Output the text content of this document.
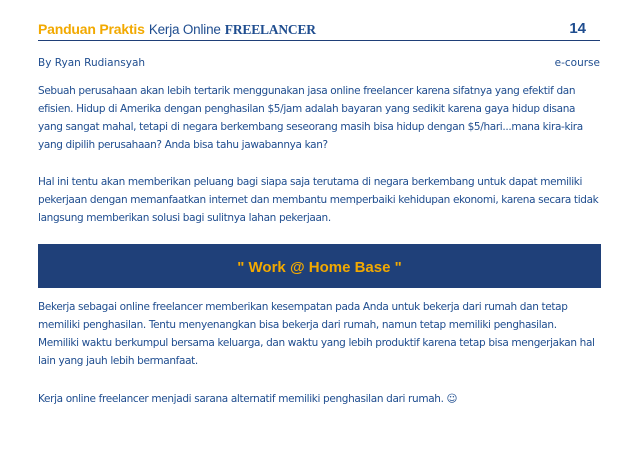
Panduan Praktis Kerja Online FREELANCER	14
By Ryan Rudiansyah	e-course

Sebuah perusahaan akan lebih tertarik menggunakan jasa online freelancer karena sifatnya yang efektif dan efisien. Hidup di Amerika dengan penghasilan $5/jam adalah bayaran yang sedikit karena gaya hidup disana yang sangat mahal, tetapi di negara berkembang seseorang masih bisa hidup dengan $5/hari...mana kira-kira yang dipilih perusahaan? Anda bisa tahu jawabannya kan?

Hal ini tentu akan memberikan peluang bagi siapa saja terutama di negara berkembang untuk dapat memiliki pekerjaan dengan memanfaatkan internet dan membantu memperbaiki kehidupan ekonomi, karena secara tidak langsung memberikan solusi bagi sulitnya lahan pekerjaan.

" Work @ Home Base "

Bekerja sebagai online freelancer memberikan kesempatan pada Anda untuk bekerja dari rumah dan tetap memiliki penghasilan. Tentu menyenangkan bisa bekerja dari rumah, namun tetap memiliki penghasilan. Memiliki waktu berkumpul bersama keluarga, dan waktu yang lebih produktif karena tetap bisa mengerjakan hal lain yang jauh lebih bermanfaat.

Kerja online freelancer menjadi sarana alternatif memiliki penghasilan dari rumah. ☺
